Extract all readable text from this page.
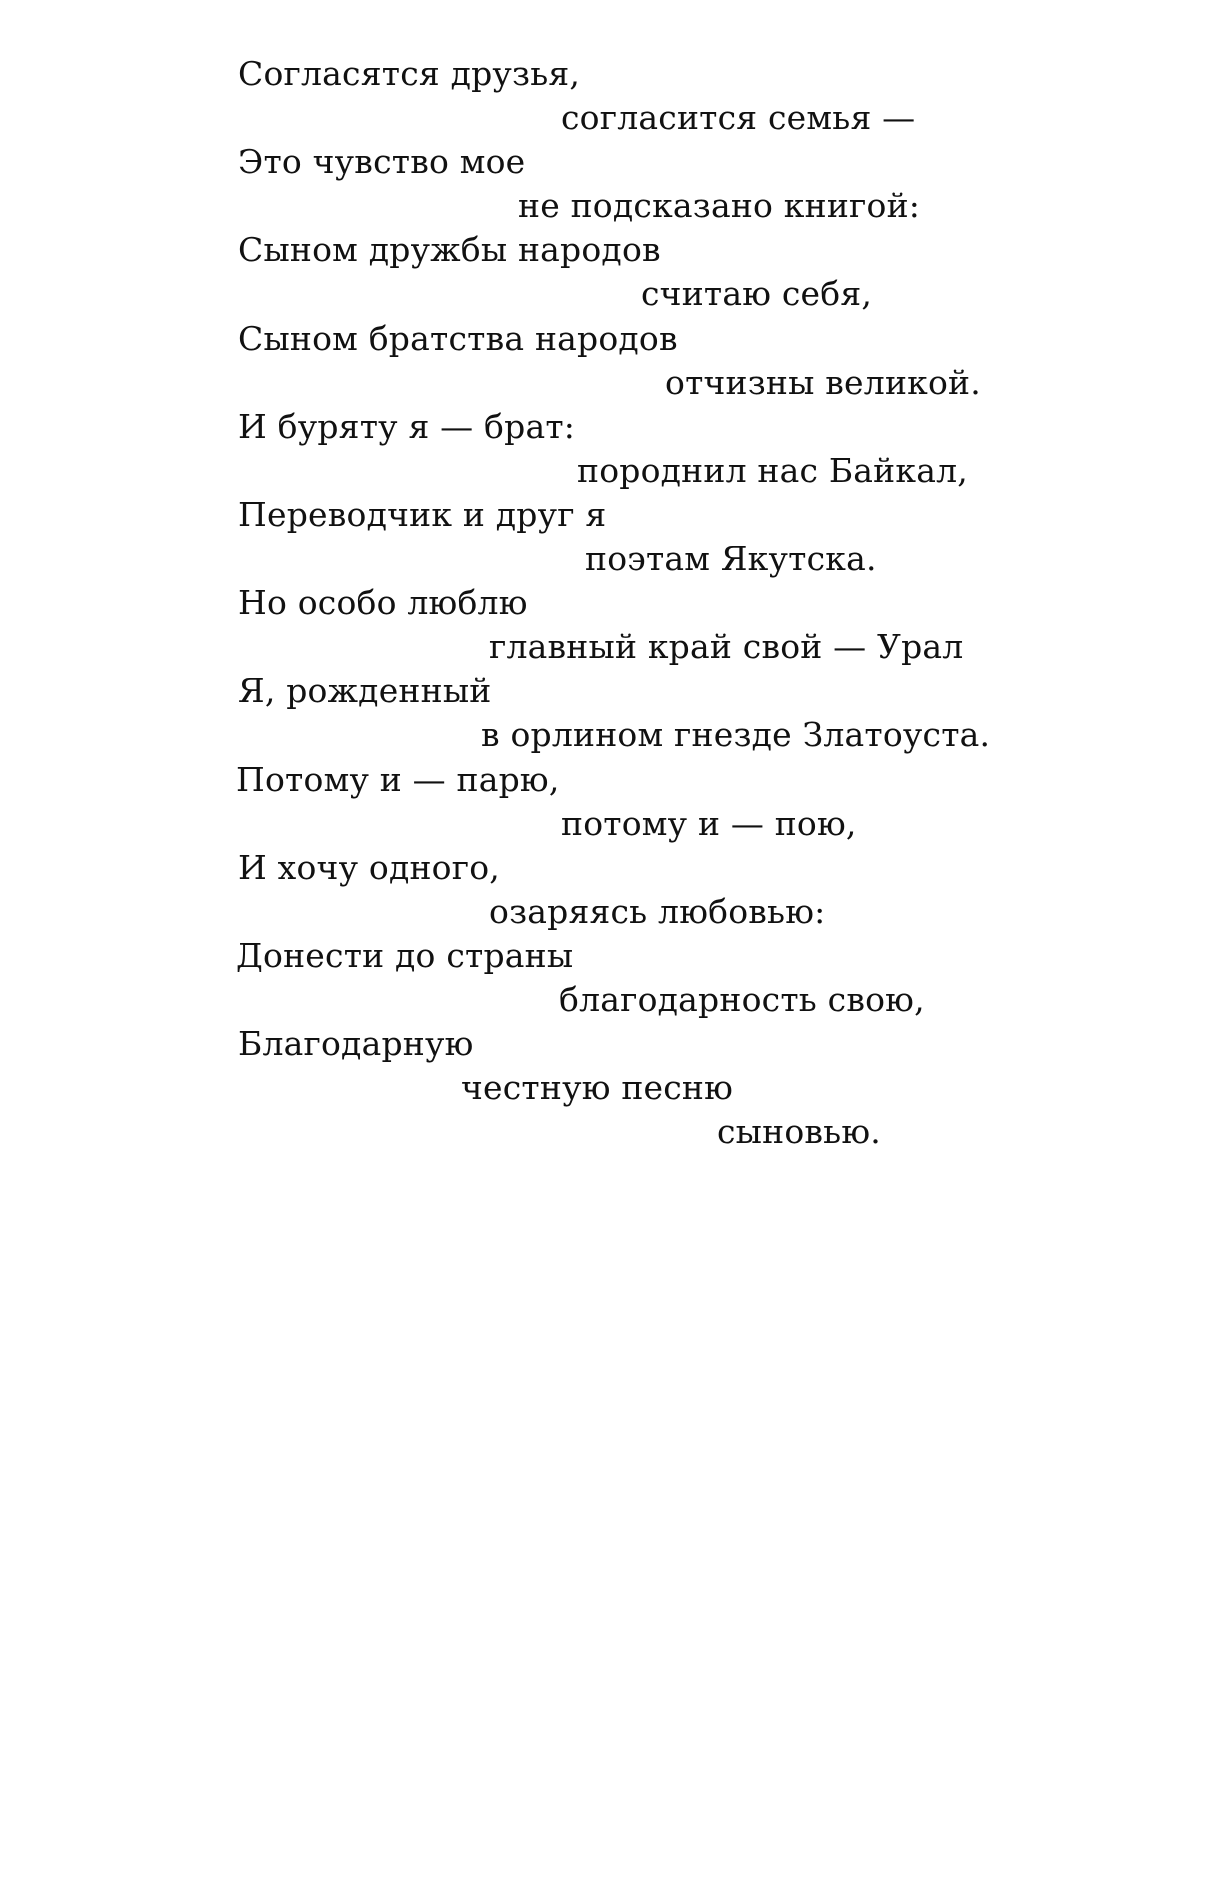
Согласятся друзья,
согласится семья —
Это чувство мое
не подсказано книгой:
Сыном дружбы народов
считаю себя,
Сыном братства народов
отчизны великой.
И буряту я — брат:
породнил нас Байкал,
Переводчик и друг я
поэтам Якутска.
Но особо люблю
главный край свой — Урал
Я, рожденный
в орлином гнезде Златоуста.
Потому и — парю,
потому и — пою,
И хочу одного,
озаряясь любовью:
Донести до страны
благодарность свою,
Благодарную
честную песню
сыновью.
